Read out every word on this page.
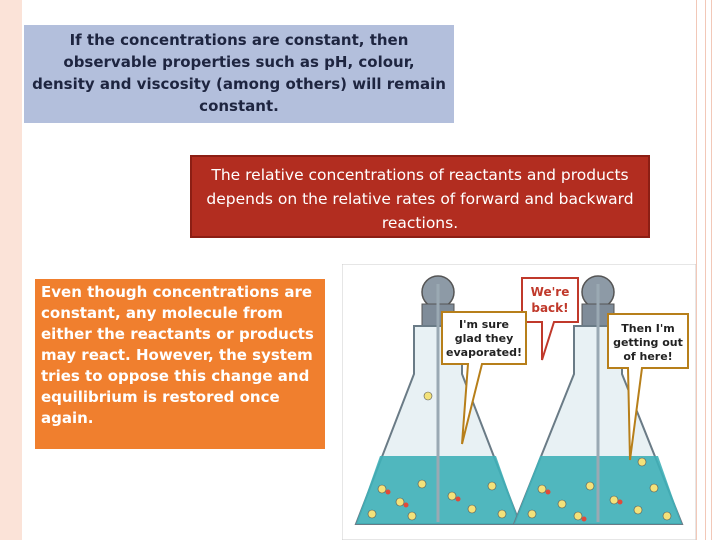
If the concentrations are constant, then observable properties such as pH, colour, density and viscosity (among others) will remain constant.
The relative concentrations of reactants and products depends on the relative rates of forward and backward reactions.
Even though concentrations are constant, any molecule from either the reactants or products may react. However, the system tries to oppose this change and equilibrium is restored once again.
We're
back!
I'm sure
glad they
evaporated!
Then I'm
getting out
of here!
